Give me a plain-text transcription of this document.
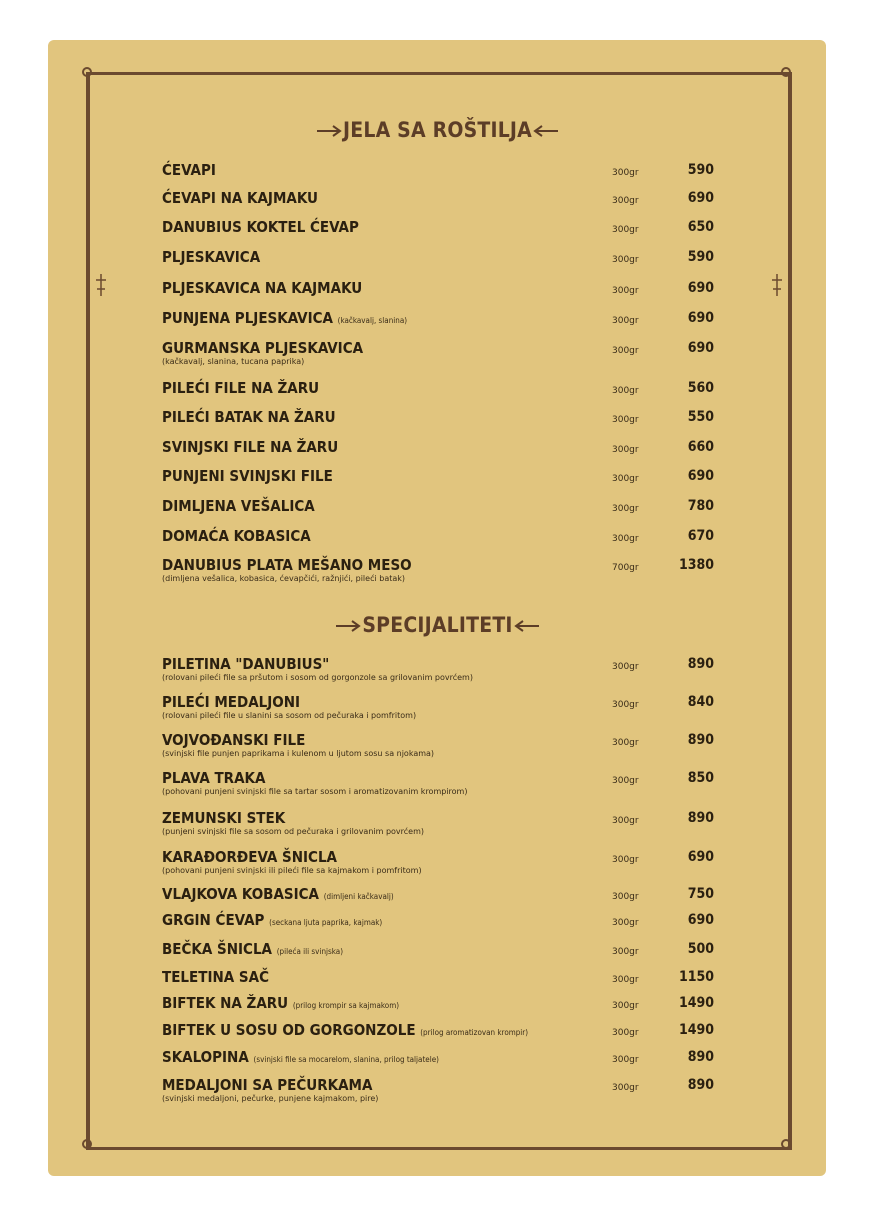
JELA SA ROŠTILJA
ĆEVAPI	300gr	590
ĆEVAPI NA KAJMAKU	300gr	690
DANUBIUS KOKTEL ĆEVAP	300gr	650
PLJESKAVICA	300gr	590
PLJESKAVICA NA KAJMAKU	300gr	690
PUNJENA PLJESKAVICA (kačkavalj, slanina)	300gr	690
GURMANSKA PLJESKAVICA
(kačkavalj, slanina, tucana paprika)
300gr	690
PILEĆI FILE NA ŽARU	300gr	560
PILEĆI BATAK NA ŽARU	300gr	550
SVINJSKI FILE NA ŽARU	300gr	660
PUNJENI SVINJSKI FILE	300gr	690
DIMLJENA VEŠALICA	300gr	780
DOMAĆA KOBASICA	300gr	670
DANUBIUS PLATA MEŠANO MESO
(dimljena vešalica, kobasica, ćevapčići, ražnjići, pileći batak)
700gr	1380
SPECIJALITETI
PILETINA "DANUBIUS"
(rolovani pileći file sa pršutom i sosom od gorgonzole sa grilovanim povrćem)
300gr	890
PILEĆI MEDALJONI
(rolovani pileći file u slanini sa sosom od pečuraka i pomfritom)
300gr	840
VOJVOĐANSKI FILE
(svinjski file punjen paprikama i kulenom u ljutom sosu sa njokama)
300gr	890
PLAVA TRAKA
(pohovani punjeni svinjski file sa tartar sosom i aromatizovanim krompirom)
300gr	850
ZEMUNSKI STEK
(punjeni svinjski file sa sosom od pečuraka i grilovanim povrćem)
300gr	890
KARAĐORĐEVA ŠNICLA
(pohovani punjeni svinjski ili pileći file sa kajmakom i pomfritom)
300gr	690
VLAJKOVA KOBASICA (dimljeni kačkavalj)	300gr	750
GRGIN ĆEVAP (seckana ljuta paprika, kajmak)	300gr	690
BEČKA ŠNICLA (pileća ili svinjska)	300gr	500
TELETINA SAČ	300gr	1150
BIFTEK NA ŽARU (prilog krompir sa kajmakom)	300gr	1490
BIFTEK U SOSU OD GORGONZOLE (prilog aromatizovan krompir)	300gr	1490
SKALOPINA (svinjski file sa mocarelom, slanina, prilog taljatele)	300gr	890
MEDALJONI SA PEČURKAMA
(svinjski medaljoni, pečurke, punjene kajmakom, pire)
300gr	890
